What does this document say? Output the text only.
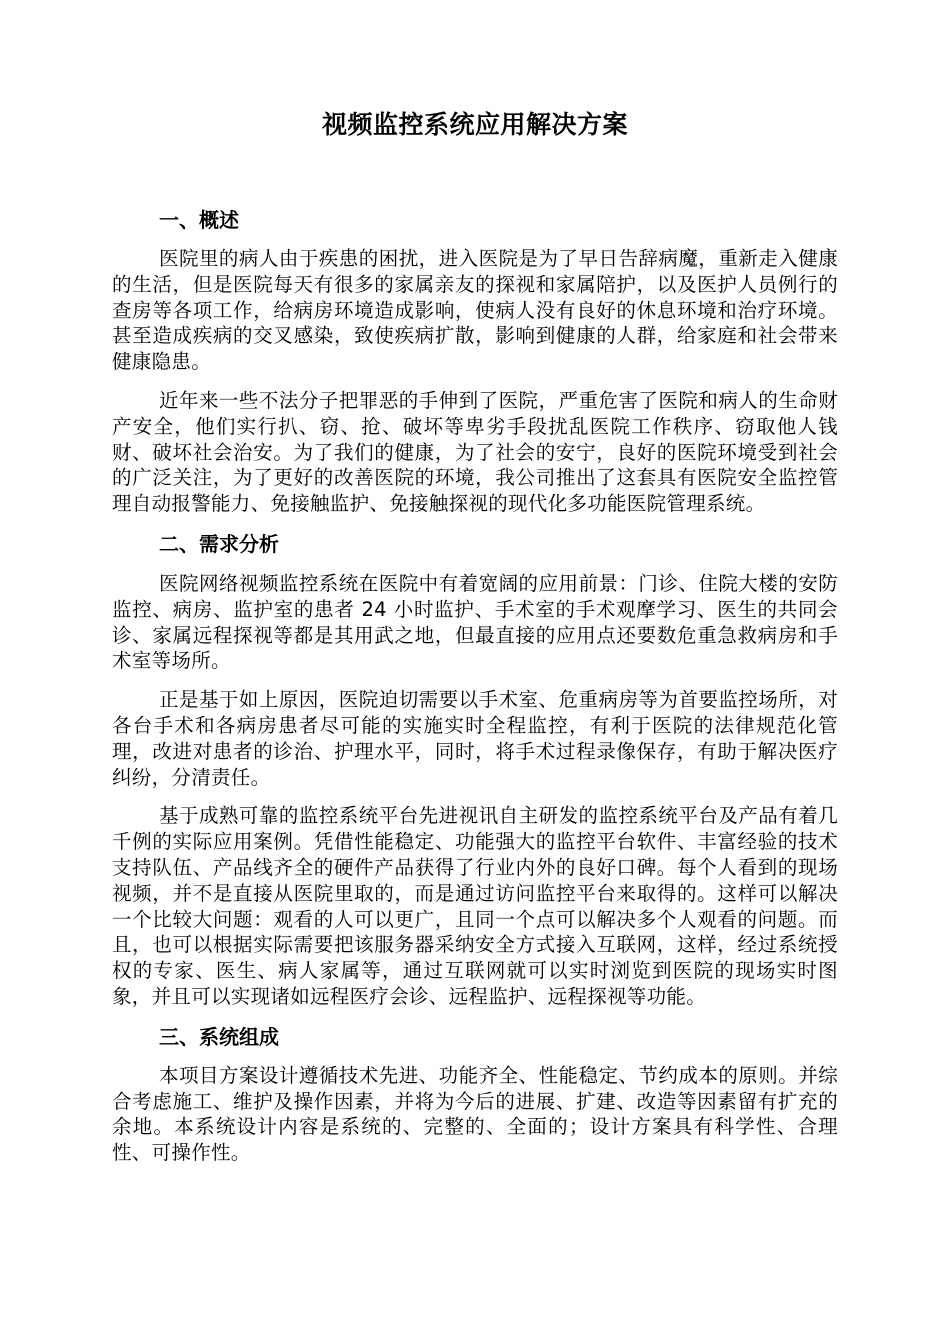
视频监控系统应用解决方案
一、概述

医院里的病人由于疾患的困扰，进入医院是为了早日告辞病魔，重新走入健康的生活，但是医院每天有很多的家属亲友的探视和家属陪护，以及医护人员例行的查房等各项工作，给病房环境造成影响，使病人没有良好的休息环境和治疗环境。甚至造成疾病的交叉感染，致使疾病扩散，影响到健康的人群，给家庭和社会带来健康隐患。

近年来一些不法分子把罪恶的手伸到了医院，严重危害了医院和病人的生命财产安全，他们实行扒、窃、抢、破坏等卑劣手段扰乱医院工作秩序、窃取他人钱财、破坏社会治安。为了我们的健康，为了社会的安宁，良好的医院环境受到社会的广泛关注，为了更好的改善医院的环境，我公司推出了这套具有医院安全监控管理自动报警能力、免接触监护、免接触探视的现代化多功能医院管理系统。

二、需求分析

医院网络视频监控系统在医院中有着宽阔的应用前景：门诊、住院大楼的安防监控、病房、监护室的患者 24 小时监护、手术室的手术观摩学习、医生的共同会诊、家属远程探视等都是其用武之地，但最直接的应用点还要数危重急救病房和手术室等场所。

正是基于如上原因，医院迫切需要以手术室、危重病房等为首要监控场所，对各台手术和各病房患者尽可能的实施实时全程监控，有利于医院的法律规范化管理，改进对患者的诊治、护理水平，同时，将手术过程录像保存，有助于解决医疗纠纷，分清责任。

基于成熟可靠的监控系统平台先进视讯自主研发的监控系统平台及产品有着几千例的实际应用案例。凭借性能稳定、功能强大的监控平台软件、丰富经验的技术支持队伍、产品线齐全的硬件产品获得了行业内外的良好口碑。每个人看到的现场视频，并不是直接从医院里取的，而是通过访问监控平台来取得的。这样可以解决一个比较大问题：观看的人可以更广，且同一个点可以解决多个人观看的问题。而且，也可以根据实际需要把该服务器采纳安全方式接入互联网，这样，经过系统授权的专家、医生、病人家属等，通过互联网就可以实时浏览到医院的现场实时图象，并且可以实现诸如远程医疗会诊、远程监护、远程探视等功能。

三、系统组成

本项目方案设计遵循技术先进、功能齐全、性能稳定、节约成本的原则。并综合考虑施工、维护及操作因素，并将为今后的进展、扩建、改造等因素留有扩充的余地。本系统设计内容是系统的、完整的、全面的；设计方案具有科学性、合理性、可操作性。
